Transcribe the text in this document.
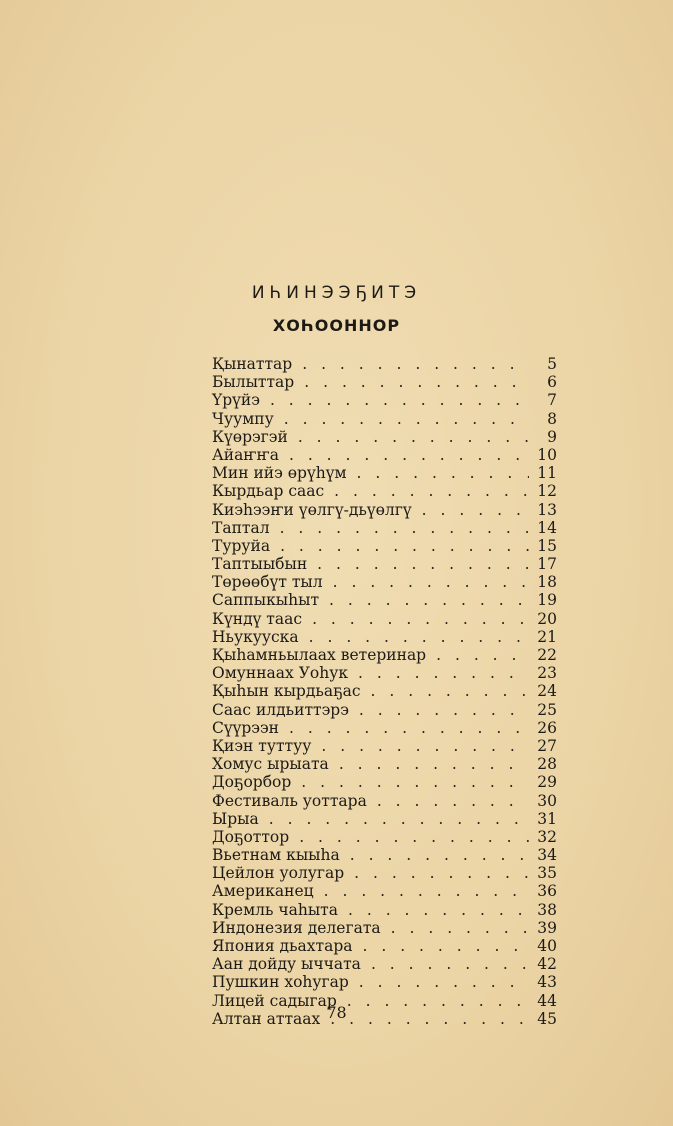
ИҺИНЭЭҔИТЭ
ХОҺООННОР
Қынаттар . . .	5
Былыттар . . .	6
Үрүйэ . . .	7
Чуумпу . . .	8
Күөрэгэй . . .	9
Айаҥҥа . . .	10
Мин ийэ өрүһүм . . .	11
Кырдьар саас . . .	12
Киэһээҥи үөлгү-дьүөлгү . . .	13
Таптал . . .	14
Туруйа . . .	15
Таптыыбын . . .	17
Төрөөбүт тыл . . .	18
Саппыкыһыт . . .	19
Күндү таас . . .	20
Ньукууска . . .	21
Қыһамньылаах ветеринар . . .	22
Омуннаах Уоһук . . .	23
Қыһын кырдьаҕас . . .	24
Саас илдьиттэрэ . . .	25
Сүүрээн . . .	26
Қиэн туттуу . . .	27
Хомус ырыата . . .	28
Доҕорбор . . .	29
Фестиваль уоттара . . .	30
Ырыа . . .	31
Доҕоттор . . .	32
Вьетнам кыыһа . . .	34
Цейлон уолугар . . .	35
Американец . . .	36
Кремль чаһыта . . .	38
Индонезия делегата . . .	39
Япония дьахтара . . .	40
Аан дойду ыччата . . .	42
Пушкин хоһугар . . .	43
Лицей садыгар . . .	44
Алтан аттаах . . .	45
78
